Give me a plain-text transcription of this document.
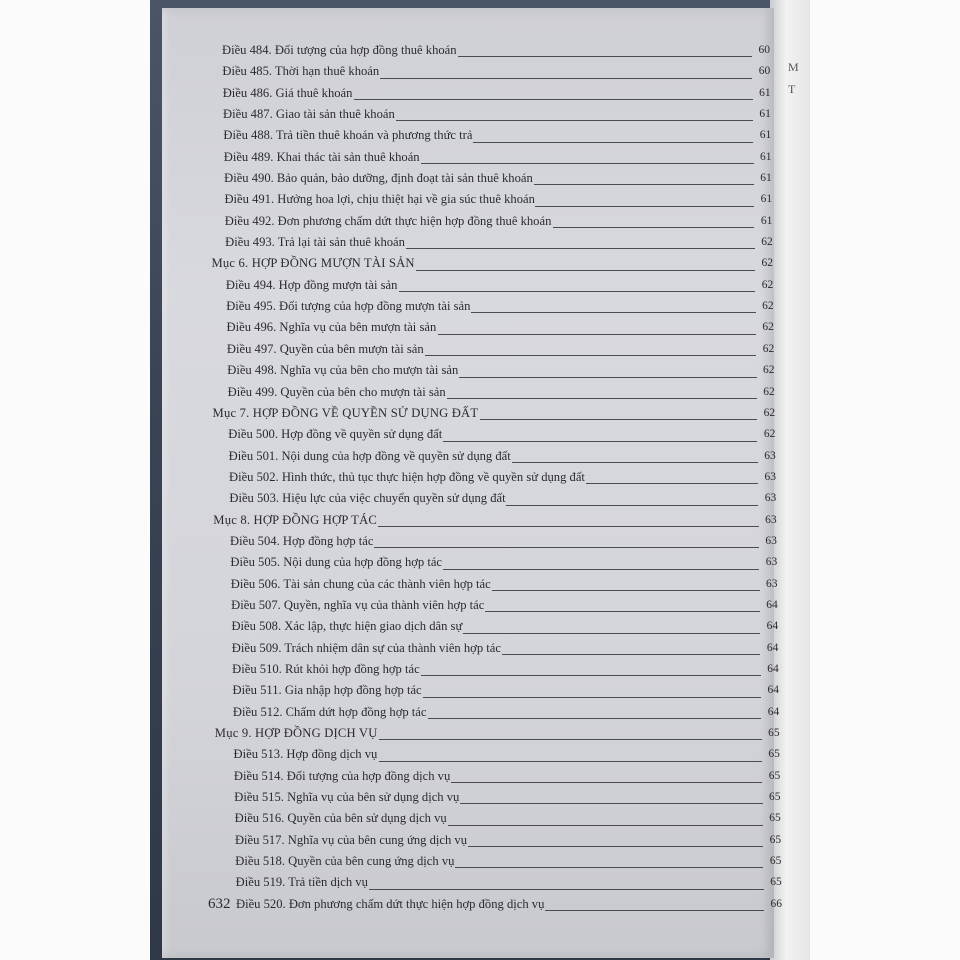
M
T
Điều 484. Đối tượng của hợp đồng thuê khoán	60
Điều 485. Thời hạn thuê khoán	60
Điều 486. Giá thuê khoán	61
Điều 487. Giao tài sản thuê khoán	61
Điều 488. Trả tiền thuê khoán và phương thức trả	61
Điều 489. Khai thác tài sản thuê khoán	61
Điều 490. Bảo quản, bảo dưỡng, định đoạt tài sản thuê khoán	61
Điều 491. Hưởng hoa lợi, chịu thiệt hại về gia súc thuê khoán	61
Điều 492. Đơn phương chấm dứt thực hiện hợp đồng thuê khoán	61
Điều 493. Trả lại tài sản thuê khoán	62
Mục 6. HỢP ĐỒNG MƯỢN TÀI SẢN	62
Điều 494. Hợp đồng mượn tài sản	62
Điều 495. Đối tượng của hợp đồng mượn tài sản	62
Điều 496. Nghĩa vụ của bên mượn tài sản	62
Điều 497. Quyền của bên mượn tài sản	62
Điều 498. Nghĩa vụ của bên cho mượn tài sản	62
Điều 499. Quyền của bên cho mượn tài sản	62
Mục 7. HỢP ĐỒNG VỀ QUYỀN SỬ DỤNG ĐẤT	62
Điều 500. Hợp đồng về quyền sử dụng đất	62
Điều 501. Nội dung của hợp đồng về quyền sử dụng đất	63
Điều 502. Hình thức, thủ tục thực hiện hợp đồng về quyền sử dụng đất	63
Điều 503. Hiệu lực của việc chuyển quyền sử dụng đất	63
Mục 8. HỢP ĐỒNG HỢP TÁC	63
Điều 504. Hợp đồng hợp tác	63
Điều 505. Nội dung của hợp đồng hợp tác	63
Điều 506. Tài sản chung của các thành viên hợp tác	63
Điều 507. Quyền, nghĩa vụ của thành viên hợp tác	64
Điều 508. Xác lập, thực hiện giao dịch dân sự	64
Điều 509. Trách nhiệm dân sự của thành viên hợp tác	64
Điều 510. Rút khỏi hợp đồng hợp tác	64
Điều 511. Gia nhập hợp đồng hợp tác	64
Điều 512. Chấm dứt hợp đồng hợp tác	64
Mục 9. HỢP ĐỒNG DỊCH VỤ	65
Điều 513. Hợp đồng dịch vụ	65
Điều 514. Đối tượng của hợp đồng dịch vụ	65
Điều 515. Nghĩa vụ của bên sử dụng dịch vụ	65
Điều 516. Quyền của bên sử dụng dịch vụ	65
Điều 517. Nghĩa vụ của bên cung ứng dịch vụ	65
Điều 518. Quyền của bên cung ứng dịch vụ	65
Điều 519. Trả tiền dịch vụ	65
Điều 520. Đơn phương chấm dứt thực hiện hợp đồng dịch vụ	66
632
